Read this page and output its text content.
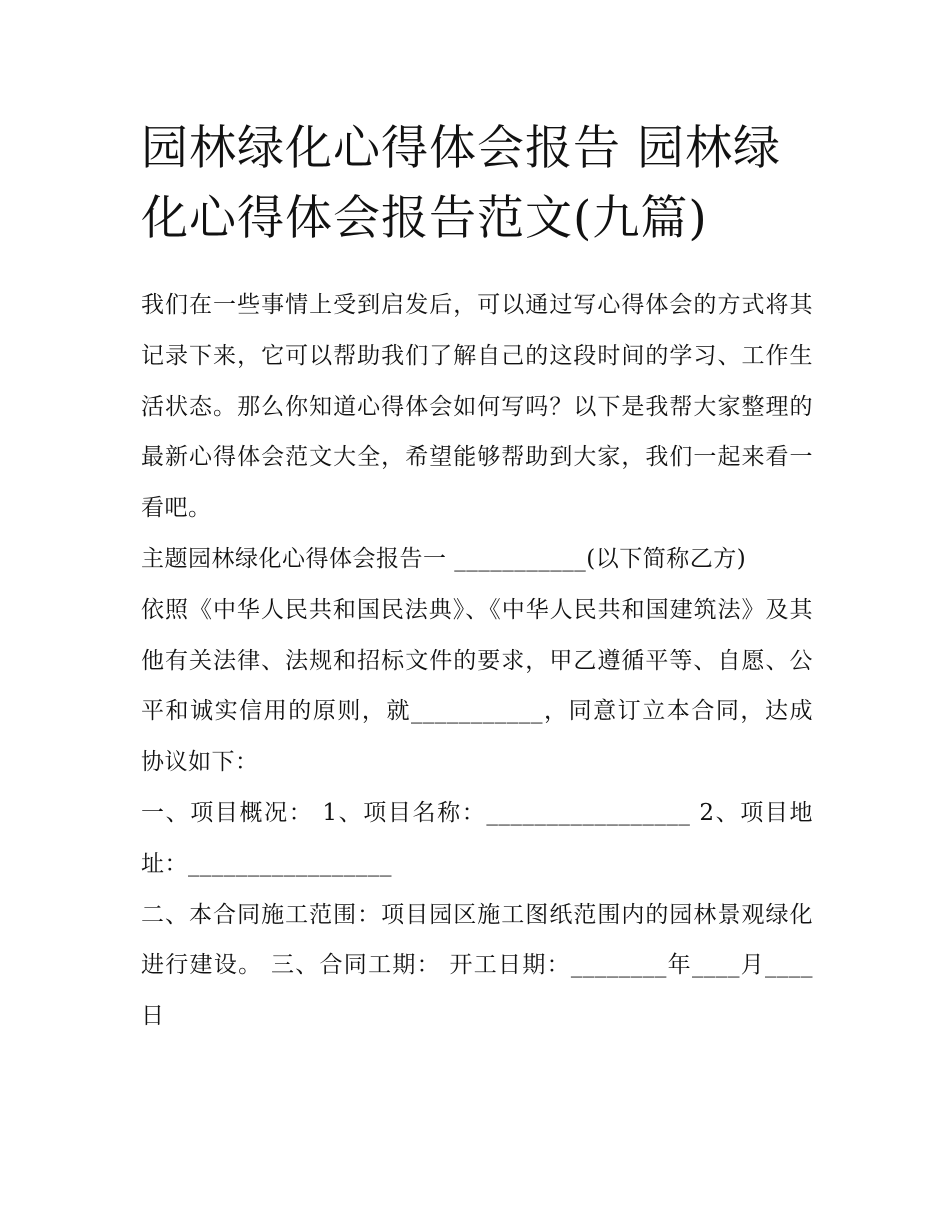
园林绿化心得体会报告 园林绿化心得体会报告范文(九篇)

我们在一些事情上受到启发后，可以通过写心得体会的方式将其记录下来，它可以帮助我们了解自己的这段时间的学习、工作生活状态。那么你知道心得体会如何写吗？以下是我帮大家整理的最新心得体会范文大全，希望能够帮助到大家，我们一起来看一看吧。

主题园林绿化心得体会报告一 ___________(以下简称乙方)

依照《中华人民共和国民法典》、《中华人民共和国建筑法》及其他有关法律、法规和招标文件的要求，甲乙遵循平等、自愿、公平和诚实信用的原则，就___________，同意订立本合同，达成协议如下：

一、项目概况： 1、项目名称：_________________ 2、项目地址：_________________

二、本合同施工范围：项目园区施工图纸范围内的园林景观绿化进行建设。 三、合同工期： 开工日期：________年____月____日
